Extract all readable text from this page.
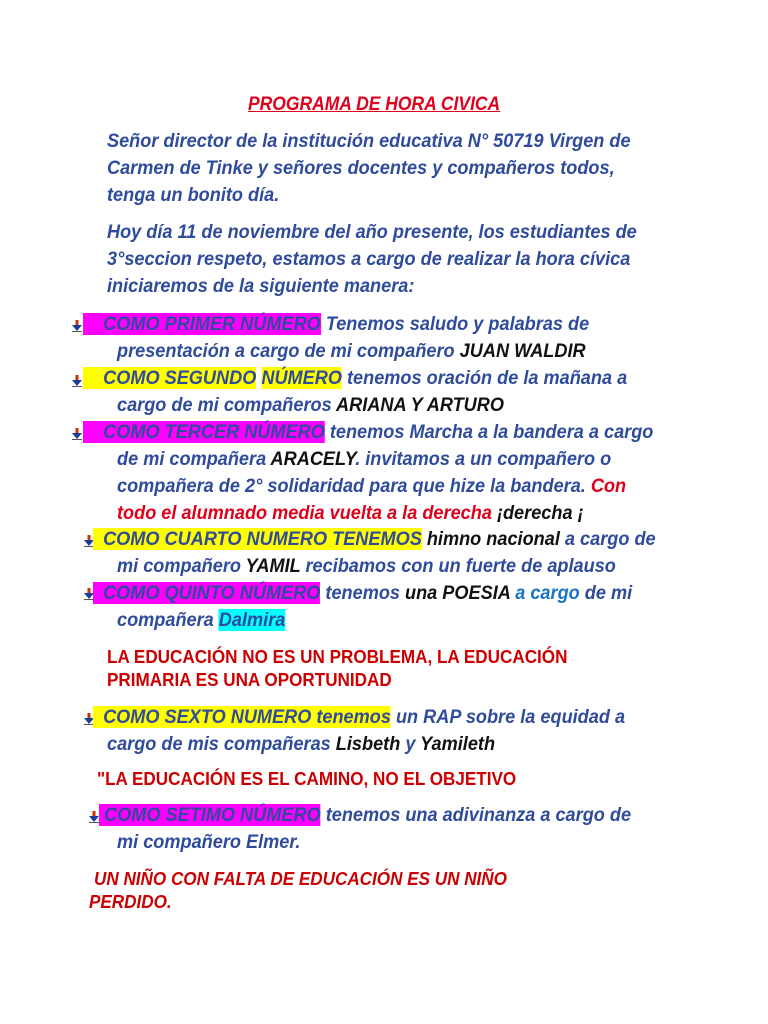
PROGRAMA DE HORA CIVICA
Señor director de la institución educativa N° 50719 Virgen de
Carmen de Tinke y señores docentes y compañeros todos,
tenga un bonito día.
Hoy día 11 de noviembre del año presente, los estudiantes de
3°seccion respeto, estamos a cargo de realizar la hora cívica
iniciaremos de la siguiente manera:
COMO PRIMER NÚMERO Tenemos saludo y palabras de
presentación a cargo de mi compañero JUAN WALDIR
COMO SEGUNDO NÚMERO tenemos oración de la mañana a
cargo de mi compañeros ARIANA Y ARTURO
COMO TERCER NÚMERO tenemos Marcha a la bandera a cargo
de mi compañera ARACELY. invitamos a un compañero o
compañera de 2° solidaridad para que hize la bandera. Con
todo el alumnado media vuelta a la derecha ¡derecha ¡
COMO CUARTO NUMERO TENEMOS himno nacional a cargo de
mi compañero YAMIL recibamos con un fuerte de aplauso
COMO QUINTO NÚMERO tenemos una POESIA a cargo de mi
compañera Dalmira
LA EDUCACIÓN NO ES UN PROBLEMA, LA EDUCACIÓN
PRIMARIA ES UNA OPORTUNIDAD
COMO SEXTO NUMERO tenemos un RAP sobre la equidad a
cargo de mis compañeras Lisbeth y Yamileth
"LA EDUCACIÓN ES EL CAMINO, NO EL OBJETIVO
COMO SETIMO NÚMERO tenemos una adivinanza a cargo de
mi compañero Elmer.
UN NIÑO CON FALTA DE EDUCACIÓN ES UN NIÑO
PERDIDO.
